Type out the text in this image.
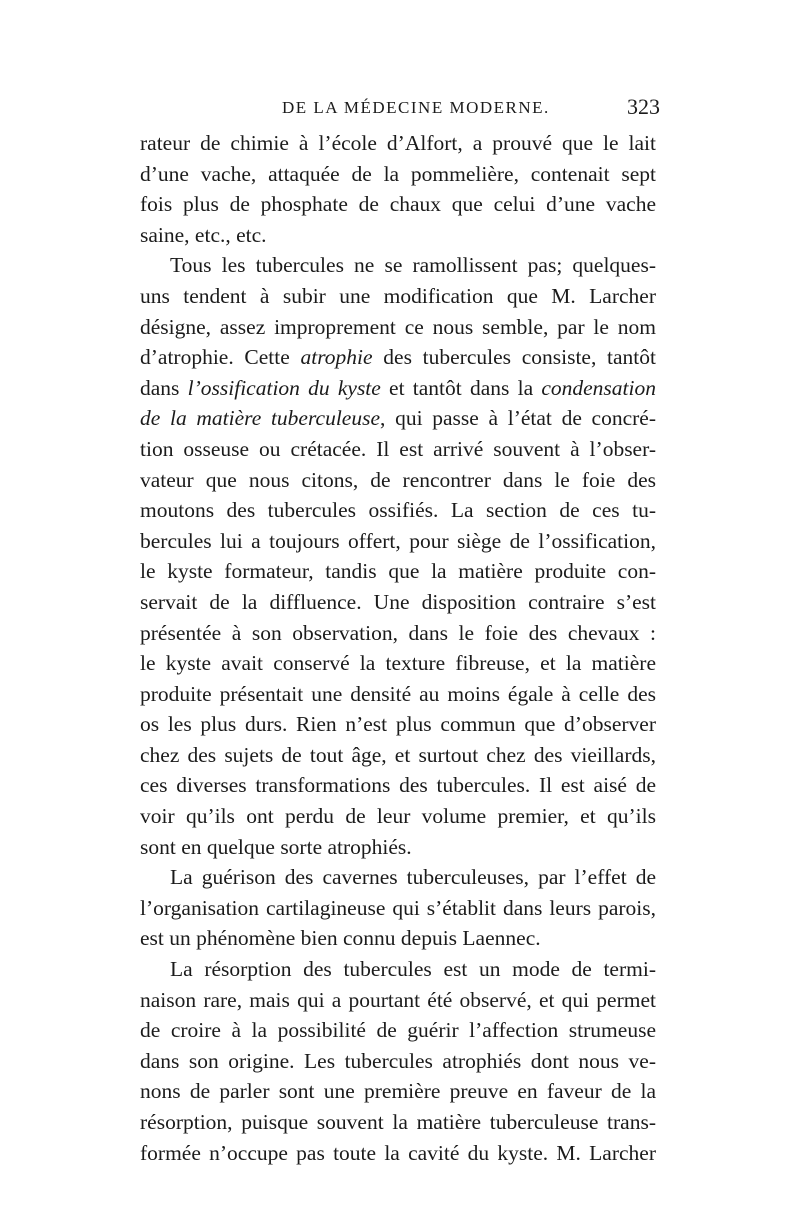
DE LA MÉDECINE MODERNE.	323
rateur de chimie à l’école d’Alfort, a prouvé que le lait
d’une vache, attaquée de la pommelière, contenait sept
fois plus de phosphate de chaux que celui d’une vache
saine, etc., etc.
Tous les tubercules ne se ramollissent pas; quelques-
uns tendent à subir une modification que M. Larcher
désigne, assez improprement ce nous semble, par le nom
d’atrophie. Cette atrophie des tubercules consiste, tantôt
dans l’ossification du kyste et tantôt dans la condensation
de la matière tuberculeuse, qui passe à l’état de concré-
tion osseuse ou crétacée. Il est arrivé souvent à l’obser-
vateur que nous citons, de rencontrer dans le foie des
moutons des tubercules ossifiés. La section de ces tu-
bercules lui a toujours offert, pour siège de l’ossification,
le kyste formateur, tandis que la matière produite con-
servait de la diffluence. Une disposition contraire s’est
présentée à son observation, dans le foie des chevaux :
le kyste avait conservé la texture fibreuse, et la matière
produite présentait une densité au moins égale à celle des
os les plus durs. Rien n’est plus commun que d’observer
chez des sujets de tout âge, et surtout chez des vieillards,
ces diverses transformations des tubercules. Il est aisé de
voir qu’ils ont perdu de leur volume premier, et qu’ils
sont en quelque sorte atrophiés.
La guérison des cavernes tuberculeuses, par l’effet de
l’organisation cartilagineuse qui s’établit dans leurs parois,
est un phénomène bien connu depuis Laennec.
La résorption des tubercules est un mode de termi-
naison rare, mais qui a pourtant été observé, et qui permet
de croire à la possibilité de guérir l’affection strumeuse
dans son origine. Les tubercules atrophiés dont nous ve-
nons de parler sont une première preuve en faveur de la
résorption, puisque souvent la matière tuberculeuse trans-
formée n’occupe pas toute la cavité du kyste. M. Larcher
